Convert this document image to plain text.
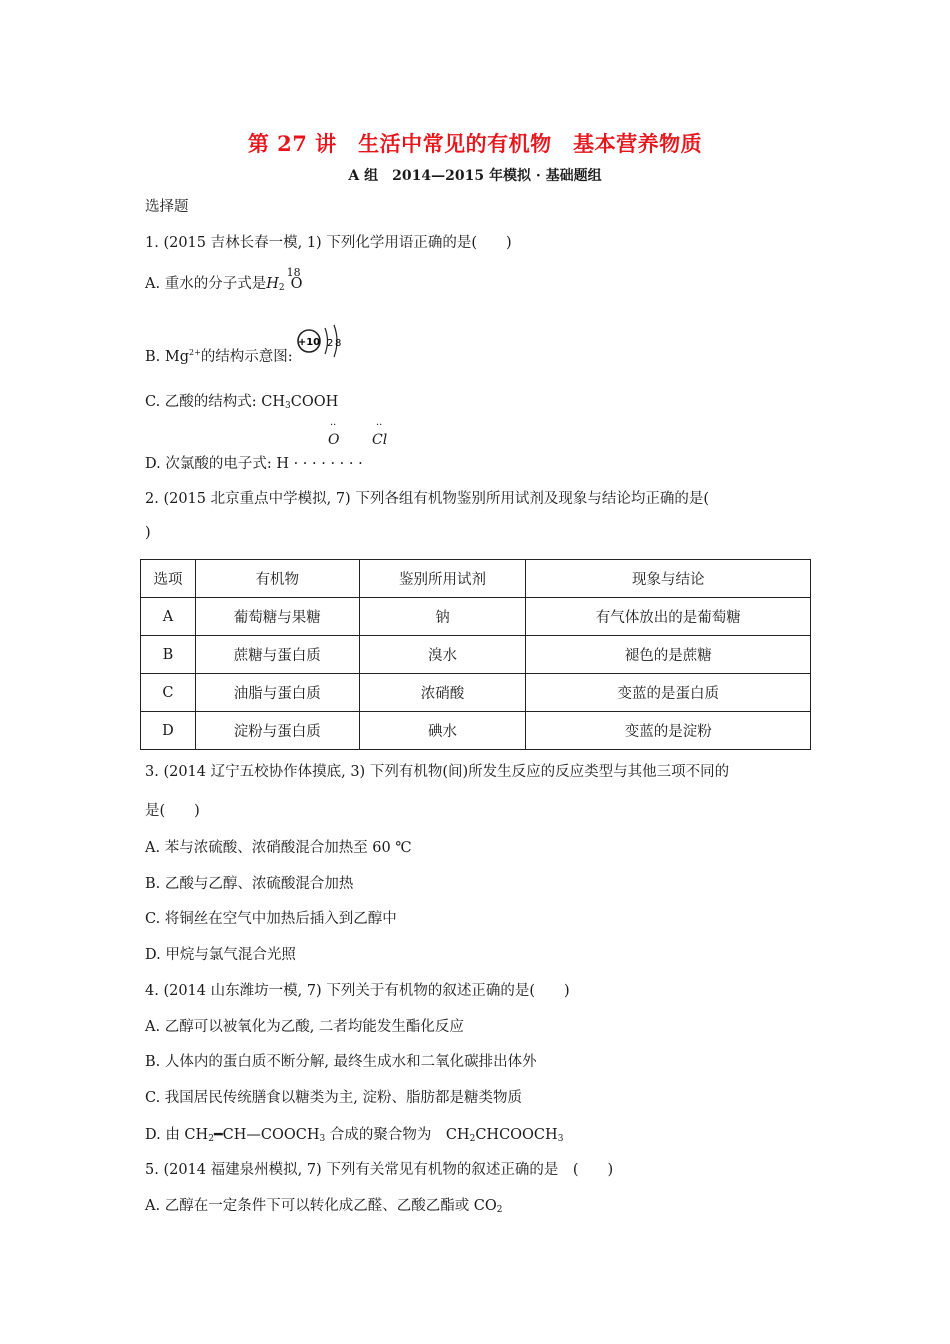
第 27 讲　生活中常见的有机物　基本营养物质
A 组　2014—2015 年模拟 · 基础题组
选择题
1. (2015 吉林长春一模, 1) 下列化学用语正确的是(　　)
A. 重水的分子式是$H_2^{18}O$
B. $Mg^{2+}$的结构示意图:
+10 2 8
C. 乙酸的结构式: $CH_3COOH$
··
O
··
Cl
D. 次氯酸的电子式: H · · · · · · · ·
2. (2015 北京重点中学模拟, 7) 下列各组有机物鉴别所用试剂及现象与结论均正确的是(
)
选项	有机物	鉴别所用试剂	现象与结论
A	葡萄糖与果糖	钠	有气体放出的是葡萄糖
B	蔗糖与蛋白质	溴水	褪色的是蔗糖
C	油脂与蛋白质	浓硝酸	变蓝的是蛋白质
D	淀粉与蛋白质	碘水	变蓝的是淀粉
3. (2014 辽宁五校协作体摸底, 3) 下列有机物(间)所发生反应的反应类型与其他三项不同的
是(　　)
A. 苯与浓硫酸、浓硝酸混合加热至 60 ℃
B. 乙酸与乙醇、浓硫酸混合加热
C. 将铜丝在空气中加热后插入到乙醇中
D. 甲烷与氯气混合光照
4. (2014 山东潍坊一模, 7) 下列关于有机物的叙述正确的是(　　)
A. 乙醇可以被氧化为乙酸, 二者均能发生酯化反应
B. 人体内的蛋白质不断分解, 最终生成水和二氧化碳排出体外
C. 我国居民传统膳食以糖类为主, 淀粉、脂肪都是糖类物质
D. 由 $CH_2━CH—COOCH_3$ 合成的聚合物为　$CH_2CHCOOCH_3$
5. (2014 福建泉州模拟, 7) 下列有关常见有机物的叙述正确的是　(　　)
A. 乙醇在一定条件下可以转化成乙醛、乙酸乙酯或 $CO_2$
